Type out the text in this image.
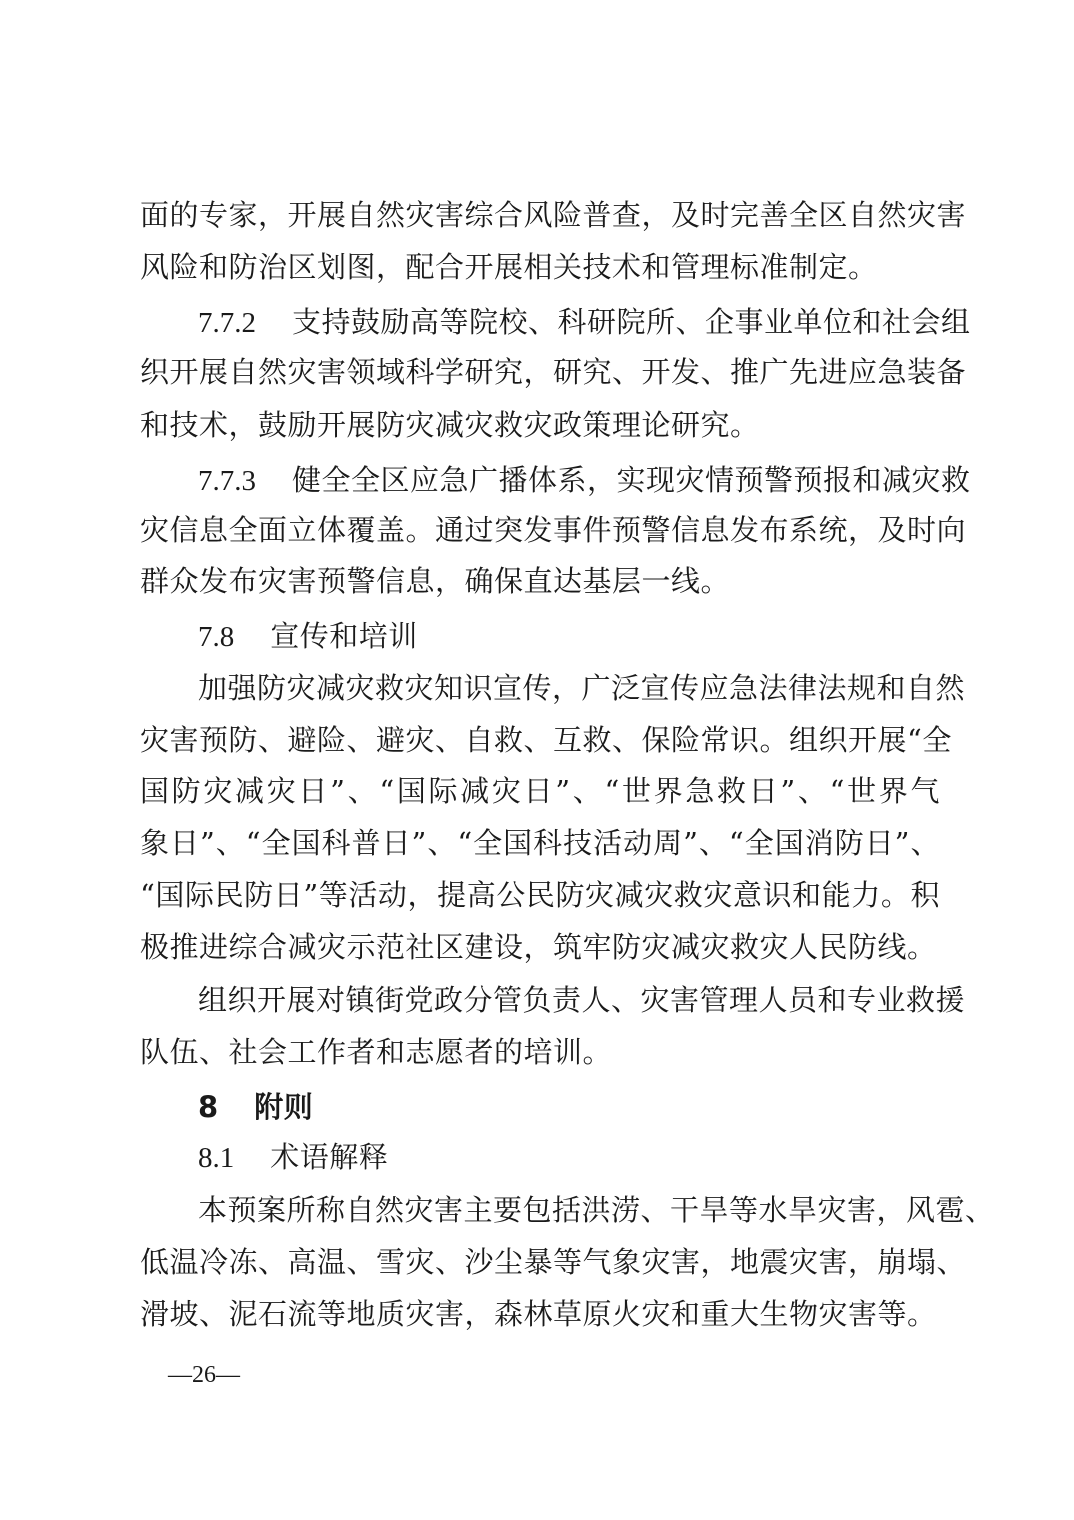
面的专家，开展自然灾害综合风险普查，及时完善全区自然灾害
风险和防治区划图，配合开展相关技术和管理标准制定。
7.7.2 支持鼓励高等院校、科研院所、企事业单位和社会组
织开展自然灾害领域科学研究，研究、开发、推广先进应急装备
和技术，鼓励开展防灾减灾救灾政策理论研究。
7.7.3 健全全区应急广播体系，实现灾情预警预报和减灾救
灾信息全面立体覆盖。通过突发事件预警信息发布系统，及时向
群众发布灾害预警信息，确保直达基层一线。
7.8 宣传和培训
加强防灾减灾救灾知识宣传，广泛宣传应急法律法规和自然
灾害预防、避险、避灾、自救、互救、保险常识。组织开展“全
国防灾减灾日”、“国际减灾日”、“世界急救日”、“世界气
象日”、“全国科普日”、“全国科技活动周”、“全国消防日”、
“国际民防日”等活动，提高公民防灾减灾救灾意识和能力。积
极推进综合减灾示范社区建设，筑牢防灾减灾救灾人民防线。
组织开展对镇街党政分管负责人、灾害管理人员和专业救援
队伍、社会工作者和志愿者的培训。
8 附则
8.1 术语解释
本预案所称自然灾害主要包括洪涝、干旱等水旱灾害，风雹、
低温冷冻、高温、雪灾、沙尘暴等气象灾害，地震灾害，崩塌、
滑坡、泥石流等地质灾害，森林草原火灾和重大生物灾害等。
—26—
